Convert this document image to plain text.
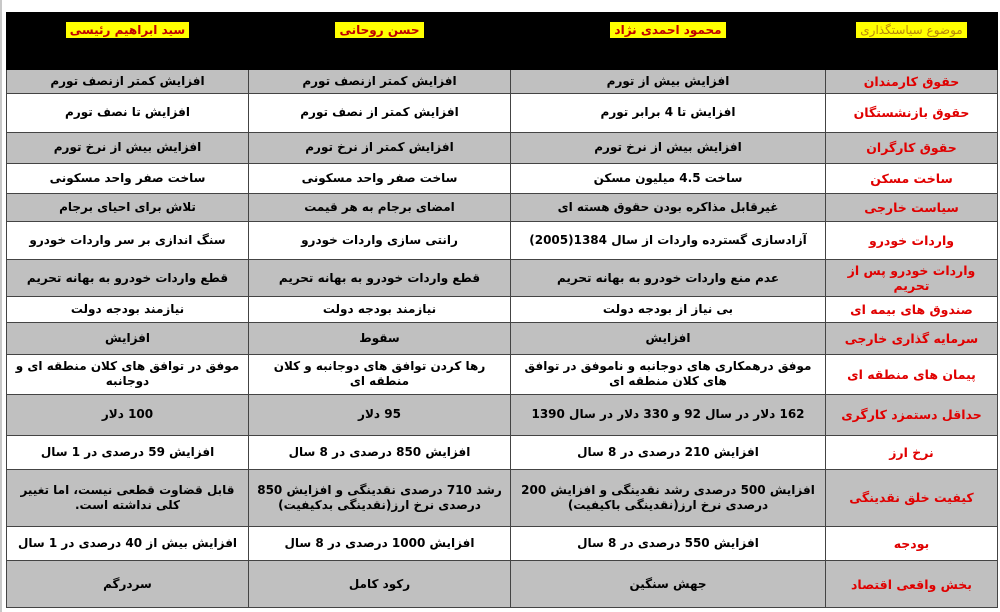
موضوع سیاستگذاری	محمود احمدی نژاد	حسن روحانی	سید ابراهیم رئیسی
حقوق کارمندان	افزایش بیش از تورم	افزایش کمتر ازنصف تورم	افزایش کمتر ازنصف تورم
حقوق بازنشستگان	افزایش تا 4 برابر تورم	افزایش کمتر از نصف تورم	افزایش تا نصف تورم
حقوق کارگران	افزایش بیش از نرخ تورم	افزایش کمتر از نرخ تورم	افزایش بیش از نرخ تورم
ساخت مسکن	ساخت 4.5 میلیون مسکن	ساخت صفر واحد مسکونی	ساخت صفر واحد مسکونی
سیاست خارجی	غیرقابل مذاکره بودن حقوق هسته ای	امضای برجام به هر قیمت	تلاش برای احیای برجام
واردات خودرو	آزادسازی گسترده واردات از سال 1384(2005)	رانتی سازی واردات خودرو	سنگ اندازی بر سر واردات خودرو
واردات خودرو پس از تحریم	عدم منع واردات خودرو به بهانه تحریم	قطع واردات خودرو به بهانه تحریم	قطع واردات خودرو به بهانه تحریم
صندوق های بیمه ای	بی نیاز از بودجه دولت	نیازمند بودجه دولت	نیازمند بودجه دولت
سرمایه گذاری خارجی	افزایش	سقوط	افزایش
پیمان های منطقه ای	موفق درهمکاری های دوجانبه و ناموفق در توافق های کلان منطقه ای	رها کردن توافق های دوجانبه و کلان منطقه ای	موفق در توافق های کلان منطقه ای و دوجانبه
حداقل دستمزد کارگری	162 دلار در سال 92 و 330 دلار در سال 1390	95 دلار	100 دلار
نرخ ارز	افزایش 210 درصدی در 8 سال	افزایش 850 درصدی در 8 سال	افزایش 59 درصدی در 1 سال
کیفیت خلق نقدینگی	افزایش 500 درصدی رشد نقدینگی و افزایش 200 درصدی نرخ ارز(نقدینگی باکیفیت)	رشد 710 درصدی نقدینگی و افزایش 850 درصدی نرخ ارز(نقدینگی بدکیفیت)	قابل قضاوت قطعی نیست، اما تغییر کلی نداشته است.
بودجه	افزایش 550 درصدی در 8 سال	افزایش 1000 درصدی در 8 سال	افزایش بیش از 40 درصدی در 1 سال
بخش واقعی اقتصاد	جهش سنگین	رکود کامل	سردرگم
